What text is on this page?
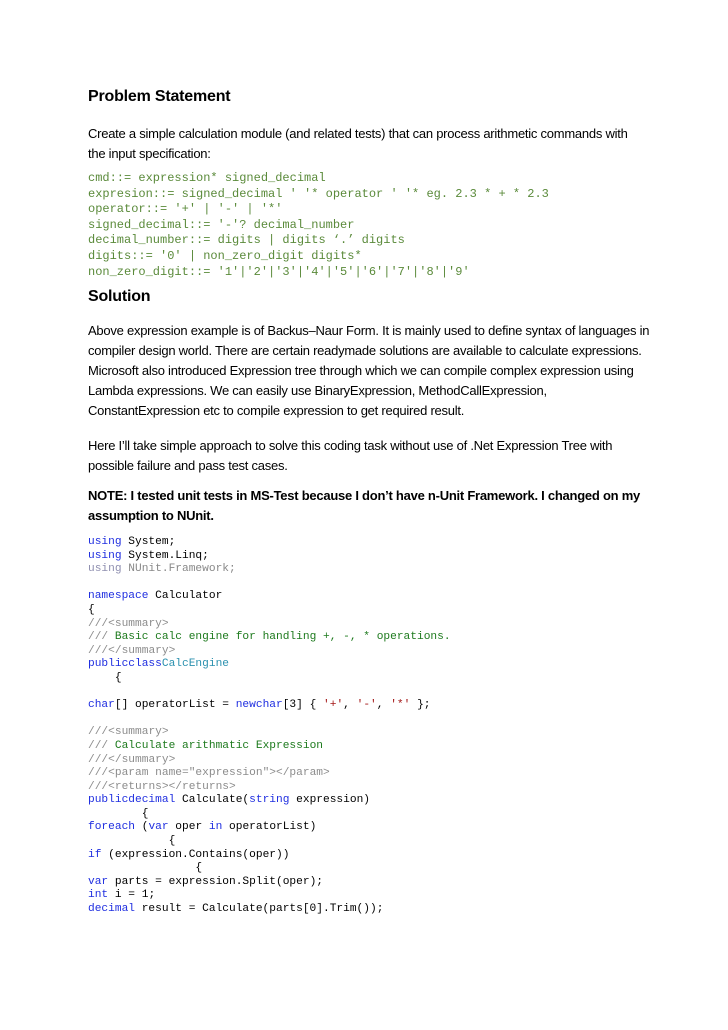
Problem Statement
Create a simple calculation module (and related tests) that can process arithmetic commands with
the input specification:
cmd::= expression* signed_decimal
expresion::= signed_decimal ' '* operator ' '* eg. 2.3 * + * 2.3
operator::= '+' | '-' | '*'
signed_decimal::= '-'? decimal_number
decimal_number::= digits | digits ‘.’ digits
digits::= '0' | non_zero_digit digits*
non_zero_digit::= '1'|'2'|'3'|'4'|'5'|'6'|'7'|'8'|'9'
Solution
Above expression example is of Backus–Naur Form. It is mainly used to define syntax of languages in
compiler design world. There are certain readymade solutions are available to calculate expressions.
Microsoft also introduced Expression tree through which we can compile complex expression using
Lambda expressions. We can easily use BinaryExpression, MethodCallExpression,
ConstantExpression etc to compile expression to get required result.
Here I’ll take simple approach to solve this coding task without use of .Net Expression Tree with
possible failure and pass test cases.
NOTE: I tested unit tests in MS-Test because I don’t have n-Unit Framework. I changed on my
assumption to NUnit.
using System;
using System.Linq;
using NUnit.Framework;
namespace Calculator
{
///<summary>
/// Basic calc engine for handling +, -, * operations.
///</summary>
publicclassCalcEngine
{
char[] operatorList = newchar[3] { '+', '-', '*' };
///<summary>
/// Calculate arithmatic Expression
///</summary>
///<param name="expression"></param>
///<returns></returns>
publicdecimal Calculate(string expression)
{
foreach (var oper in operatorList)
{
if (expression.Contains(oper))
{
var parts = expression.Split(oper);
int i = 1;
decimal result = Calculate(parts[0].Trim());
